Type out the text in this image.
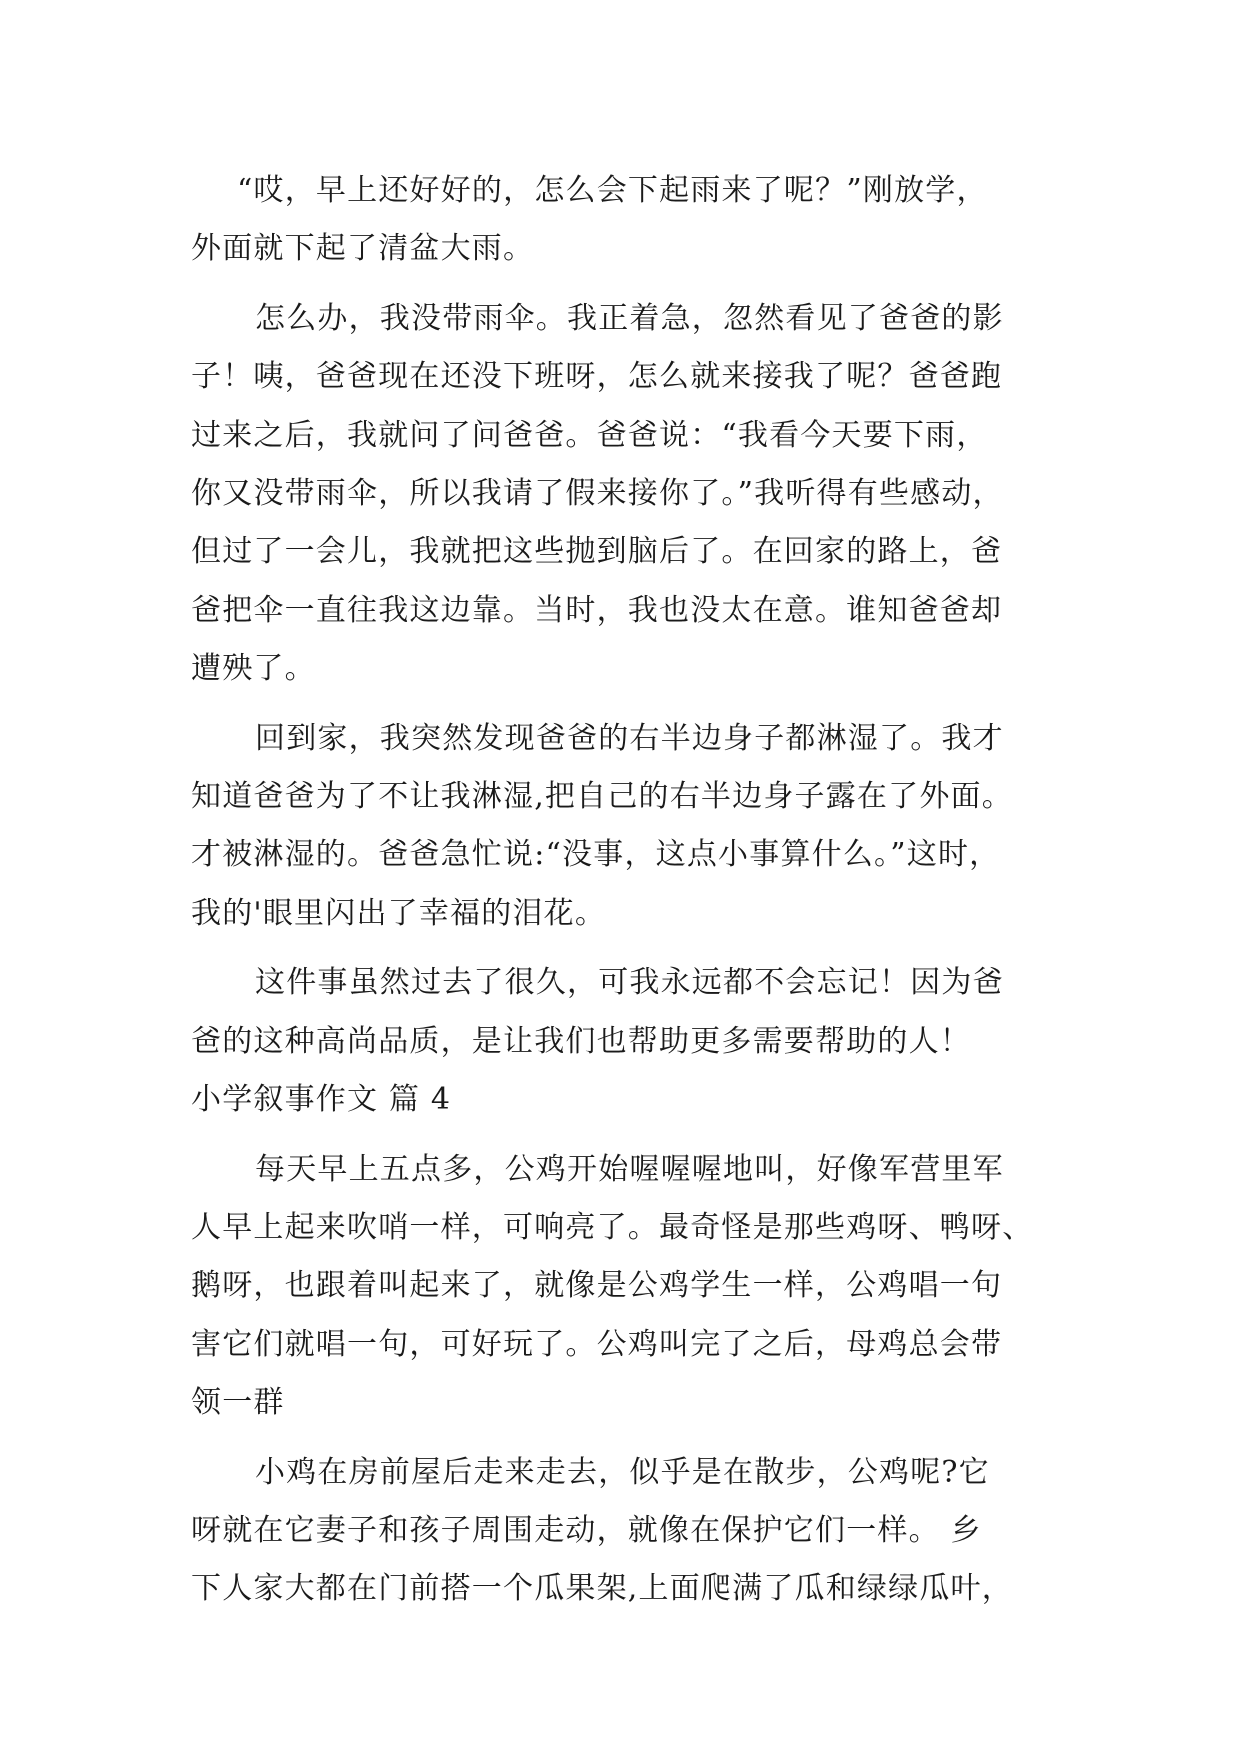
“哎，早上还好好的，怎么会下起雨来了呢？”刚放学，
外面就下起了清盆大雨。
怎么办，我没带雨伞。我正着急，忽然看见了爸爸的影
子！咦，爸爸现在还没下班呀，怎么就来接我了呢？爸爸跑
过来之后，我就问了问爸爸。爸爸说：“我看今天要下雨，
你又没带雨伞，所以我请了假来接你了。”我听得有些感动，
但过了一会儿，我就把这些抛到脑后了。在回家的路上，爸
爸把伞一直往我这边靠。当时，我也没太在意。谁知爸爸却
遭殃了。
回到家，我突然发现爸爸的右半边身子都淋湿了。我才
知道爸爸为了不让我淋湿,把自己的右半边身子露在了外面。
才被淋湿的。爸爸急忙说:“没事，这点小事算什么。”这时，
我的'眼里闪出了幸福的泪花。
这件事虽然过去了很久，可我永远都不会忘记！因为爸
爸的这种高尚品质，是让我们也帮助更多需要帮助的人！
小学叙事作文 篇 4
每天早上五点多，公鸡开始喔喔喔地叫，好像军营里军
人早上起来吹哨一样，可响亮了。最奇怪是那些鸡呀、鸭呀、
鹅呀，也跟着叫起来了，就像是公鸡学生一样，公鸡唱一句
害它们就唱一句，可好玩了。公鸡叫完了之后，母鸡总会带
领一群
小鸡在房前屋后走来走去，似乎是在散步，公鸡呢?它
呀就在它妻子和孩子周围走动，就像在保护它们一样。 乡
下人家大都在门前搭一个瓜果架,上面爬满了瓜和绿绿瓜叶，
